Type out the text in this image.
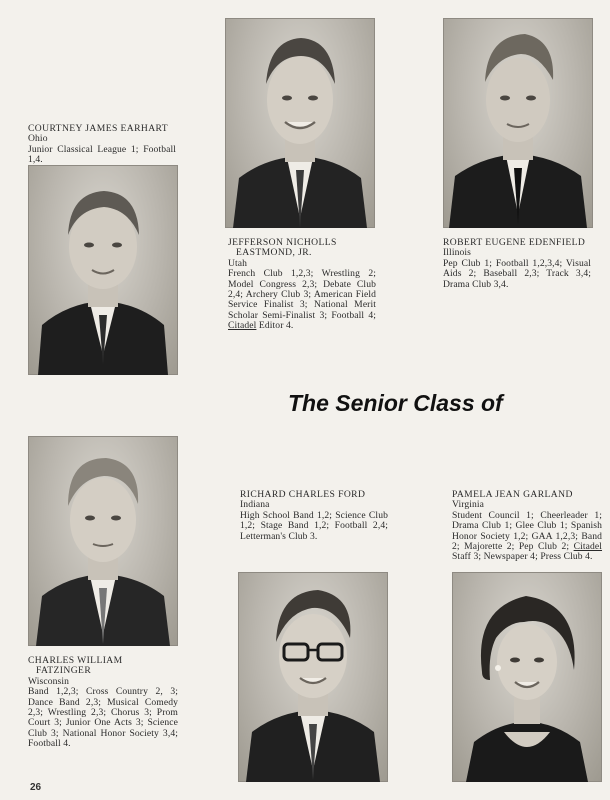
COURTNEY JAMES EARHART
Ohio
Junior Classical League 1; Football 1,4.
JEFFERSON NICHOLLS
EASTMOND, JR.
Utah
French Club 1,2,3; Wrestling 2; Model Congress 2,3; Debate Club 2,4; Archery Club 3; American Field Service Finalist 3; National Merit Scholar Semi-Finalist 3; Football 4; Citadel Editor 4.
ROBERT EUGENE EDENFIELD
Illinois
Pep Club 1; Football 1,2,3,4; Visual Aids 2; Baseball 2,3; Track 3,4; Drama Club 3,4.
CHARLES WILLIAM
FATZINGER
Wisconsin
Band 1,2,3; Cross Country 2, 3; Dance Band 2,3; Musical Comedy 2,3; Wrestling 2,3; Chorus 3; Prom Court 3; Junior One Acts 3; Science Club 3; National Honor Society 3,4; Football 4.
RICHARD CHARLES FORD
Indiana
High School Band 1,2; Science Club 1,2; Stage Band 1,2; Football 2,4; Letterman's Club 3.
PAMELA JEAN GARLAND
Virginia
Student Council 1; Cheerleader 1; Drama Club 1; Glee Club 1; Spanish Honor Society 1,2; GAA 1,2,3; Band 2; Majorette 2; Pep Club 2; Citadel Staff 3; Newspaper 4; Press Club 4.
The Senior Class of

26
